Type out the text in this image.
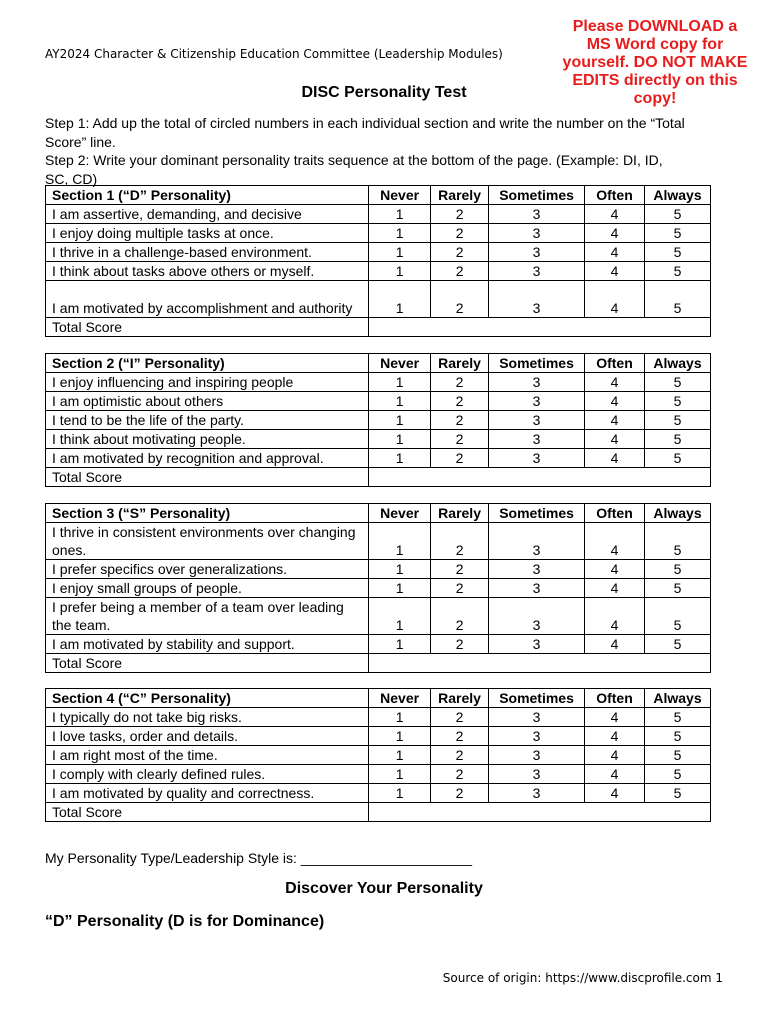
AY2024 Character & Citizenship Education Committee (Leadership Modules)
Please DOWNLOAD a MS Word copy for yourself. DO NOT MAKE EDITS directly on this copy!
DISC Personality Test

Step 1: Add up the total of circled numbers in each individual section and write the number on the “Total Score” line.

Step 2: Write your dominant personality traits sequence at the bottom of the page. (Example: DI, ID, SC, CD)

Section 1 (“D” Personality)	Never	Rarely	Sometimes	Often	Always
I am assertive, demanding, and decisive	1	2	3	4	5
I enjoy doing multiple tasks at once.	1	2	3	4	5
I thrive in a challenge-based environment.	1	2	3	4	5
I think about tasks above others or myself.	1	2	3	4	5
I am motivated by accomplishment and authority	1	2	3	4	5
Total Score					
Section 2 (“I” Personality)	Never	Rarely	Sometimes	Often	Always
I enjoy influencing and inspiring people	1	2	3	4	5
I am optimistic about others	1	2	3	4	5
I tend to be the life of the party.	1	2	3	4	5
I think about motivating people.	1	2	3	4	5
I am motivated by recognition and approval.	1	2	3	4	5
Total Score					
Section 3 (“S” Personality)	Never	Rarely	Sometimes	Often	Always
I thrive in consistent environments over changing ones.	1	2	3	4	5
I prefer specifics over generalizations.	1	2	3	4	5
I enjoy small groups of people.	1	2	3	4	5
I prefer being a member of a team over leading the team.	1	2	3	4	5
I am motivated by stability and support.	1	2	3	4	5
Total Score					
Section 4 (“C” Personality)	Never	Rarely	Sometimes	Often	Always
I typically do not take big risks.	1	2	3	4	5
I love tasks, order and details.	1	2	3	4	5
I am right most of the time.	1	2	3	4	5
I comply with clearly defined rules.	1	2	3	4	5
I am motivated by quality and correctness.	1	2	3	4	5
Total Score					
My Personality Type/Leadership Style is: ______________________
Discover Your Personality
“D” Personality (D is for Dominance)
Source of origin: https://www.discprofile.com 1
